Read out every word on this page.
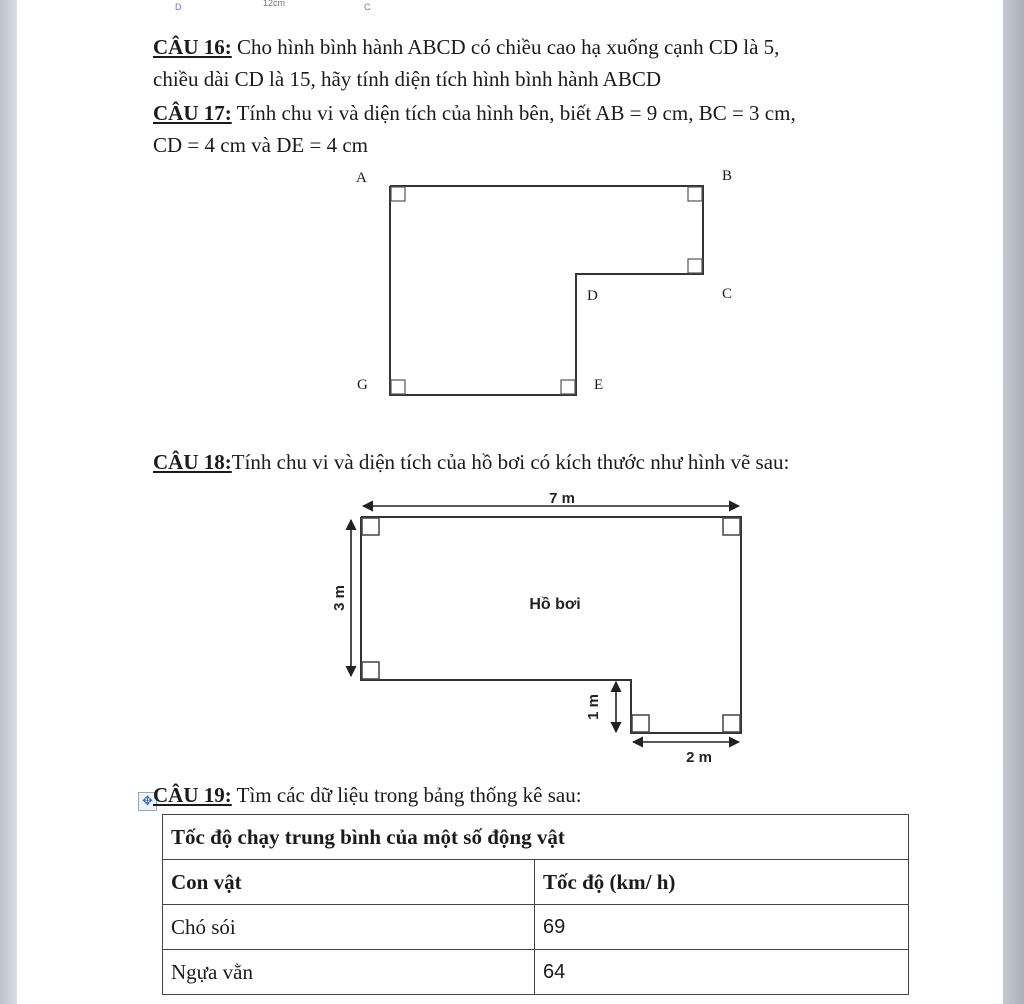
D	12cm	C
CÂU 16: Cho hình bình hành ABCD có chiều cao hạ xuống cạnh CD là 5,
chiều dài CD là 15, hãy tính diện tích hình bình hành ABCD
CÂU 17: Tính chu vi và diện tích của hình bên, biết AB = 9 cm, BC = 3 cm,
CD = 4 cm và DE = 4 cm
A	B
C
D
E
G
CÂU 18:Tính chu vi và diện tích của hồ bơi có kích thước như hình vẽ sau:
7 m
3 m
1 m
2 m
Hồ bơi
✥ CÂU 19: Tìm các dữ liệu trong bảng thống kê sau:
Tốc độ chạy trung bình của một số động vật	
Con vật	Tốc độ (km/ h)
Chó sói	69
Ngựa vằn	64
